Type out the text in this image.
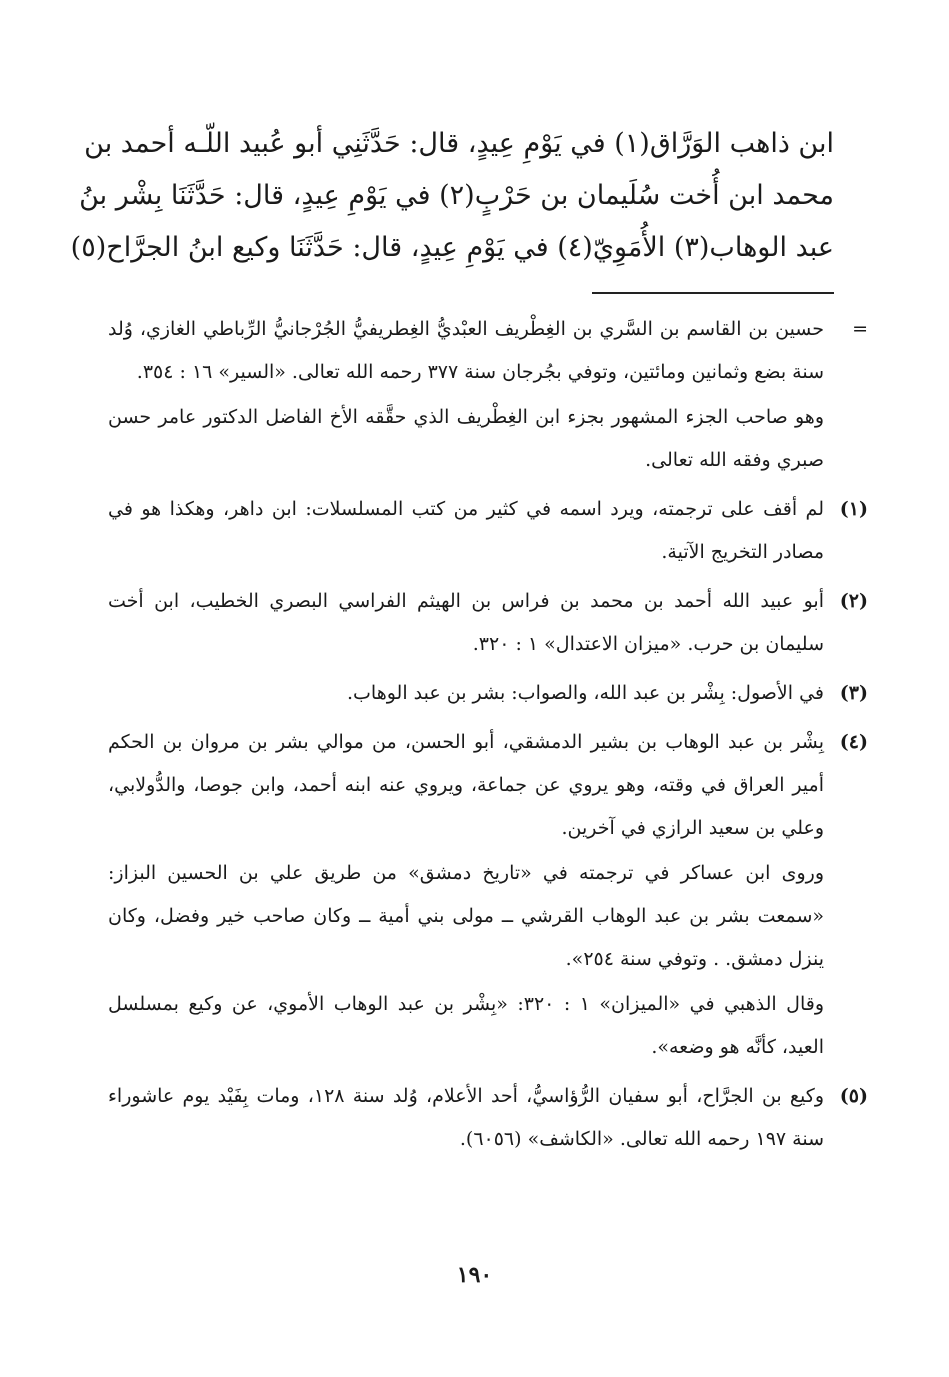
ابن ذاهب الوَرَّاق(١) في يَوْمِ عِيدٍ، قال: حَدَّثَنِي أبو عُبيد اللّـه أحمد بن
محمد ابن أُخت سُلَيمان بن حَرْبٍ(٢) في يَوْمِ عِيدٍ، قال: حَدَّثَنَا بِشْر بنُ
عبد الوهاب(٣) الأُمَوِيّ(٤) في يَوْمِ عِيدٍ، قال: حَدَّثَنَا وكيع ابنُ الجرَّاح(٥)
=
حسين بن القاسم بن السَّري بن الغِطْريف العبْديُّ الغِطريفيُّ الجُرْجانيُّ الرِّباطي الغازي، وُلد سنة بضع وثمانين ومائتين، وتوفي بجُرجان سنة ٣٧٧ رحمه الله تعالى. «السير» ١٦ : ٣٥٤.
وهو صاحب الجزء المشهور بجزء ابن الغِطْريف الذي حقَّقه الأخ الفاضل الدكتور عامر حسن صبري وفقه الله تعالى.
(١)
لم أقف على ترجمته، ويرد اسمه في كثير من كتب المسلسلات: ابن داهر، وهكذا هو في مصادر التخريج الآتية.
(٢)
أبو عبيد الله أحمد بن محمد بن فراس بن الهيثم الفراسي البصري الخطيب، ابن أخت سليمان بن حرب. «ميزان الاعتدال» ١ : ٣٢٠.
(٣)
في الأصول: بِشْر بن عبد الله، والصواب: بشر بن عبد الوهاب.
(٤)
بِشْر بن عبد الوهاب بن بشير الدمشقي، أبو الحسن، من موالي بشر بن مروان بن الحكم أمير العراق في وقته، وهو يروي عن جماعة، ويروي عنه ابنه أحمد، وابن جوصا، والدُّولابي، وعلي بن سعيد الرازي في آخرين.
وروى ابن عساكر في ترجمته في «تاريخ دمشق» من طريق علي بن الحسين البزاز: «سمعت بشر بن عبد الوهاب القرشي ــ مولى بني أمية ــ وكان صاحب خير وفضل، وكان ينزل دمشق. . وتوفي سنة ٢٥٤».
وقال الذهبي في «الميزان» ١ : ٣٢٠: «بِشْر بن عبد الوهاب الأموي، عن وكيع بمسلسل العيد، كأنَّه هو وضعه».
(٥)
وكيع بن الجرَّاح، أبو سفيان الرُّؤاسيُّ، أحد الأعلام، وُلد سنة ١٢٨، ومات بِفَيْد يوم عاشوراء سنة ١٩٧ رحمه الله تعالى. «الكاشف» (٦٠٥٦).
١٩٠
